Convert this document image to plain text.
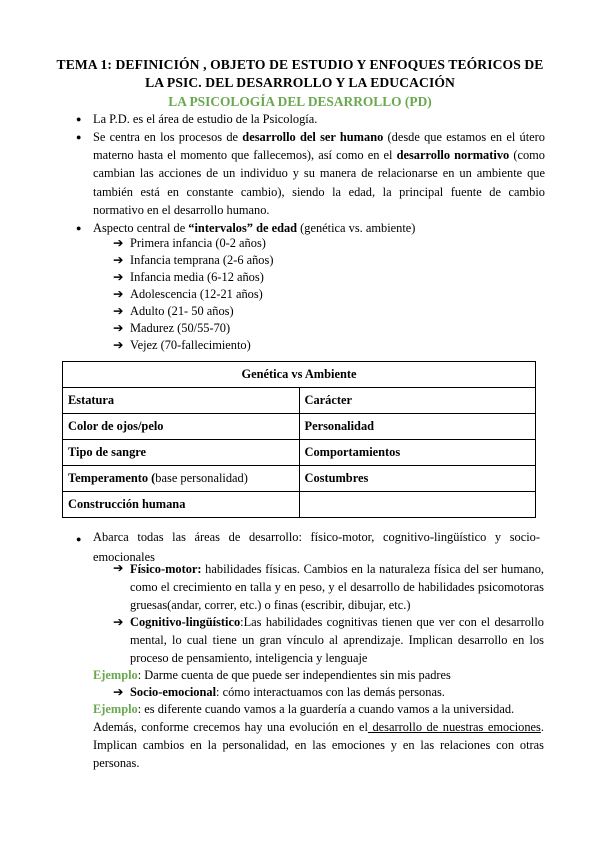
TEMA 1: DEFINICIÓN , OBJETO DE ESTUDIO Y ENFOQUES TEÓRICOS DE
LA PSIC. DEL DESARROLLO Y LA EDUCACIÓN
LA PSICOLOGÍA DEL DESARROLLO (PD)
● La P.D. es el área de estudio de la Psicología.
● Se centra en los procesos de desarrollo del ser humano (desde que estamos en el útero materno hasta el momento que fallecemos), así como en el desarrollo normativo (como cambian las acciones de un individuo y su manera de relacionarse en un ambiente que también está en constante cambio), siendo la edad, la principal fuente de cambio normativo en el desarrollo humano.
● Aspecto central de “intervalos” de edad (genética vs. ambiente)
➔ Primera infancia (0-2 años)
➔ Infancia temprana (2-6 años)
➔ Infancia media (6-12 años)
➔ Adolescencia (12-21 años)
➔ Adulto (21- 50 años)
➔ Madurez (50/55-70)
➔ Vejez (70-fallecimiento)
Genética vs Ambiente	
Estatura	Carácter
Color de ojos/pelo	Personalidad
Tipo de sangre	Comportamientos
Temperamento (base personalidad)	Costumbres
Construcción humana	
● Abarca todas las áreas de desarrollo: físico-motor, cognitivo-lingüístico y socio-emocionales
➔ Físico-motor: habilidades físicas. Cambios en la naturaleza física del ser humano, como el crecimiento en talla y en peso, y el desarrollo de habilidades psicomotoras gruesas(andar, correr, etc.) o finas (escribir, dibujar, etc.)
➔ Cognitivo-lingüístico:Las habilidades cognitivas tienen que ver con el desarrollo mental, lo cual tiene un gran vínculo al aprendizaje. Implican desarrollo en los proceso de pensamiento, inteligencia y lenguaje
Ejemplo: Darme cuenta de que puede ser independientes sin mis padres
➔ Socio-emocional: cómo interactuamos con las demás personas.
Ejemplo: es diferente cuando vamos a la guardería a cuando vamos a la universidad.
Además, conforme crecemos hay una evolución en el desarrollo de nuestras emociones. Implican cambios en la personalidad, en las emociones y en las relaciones con otras personas.
